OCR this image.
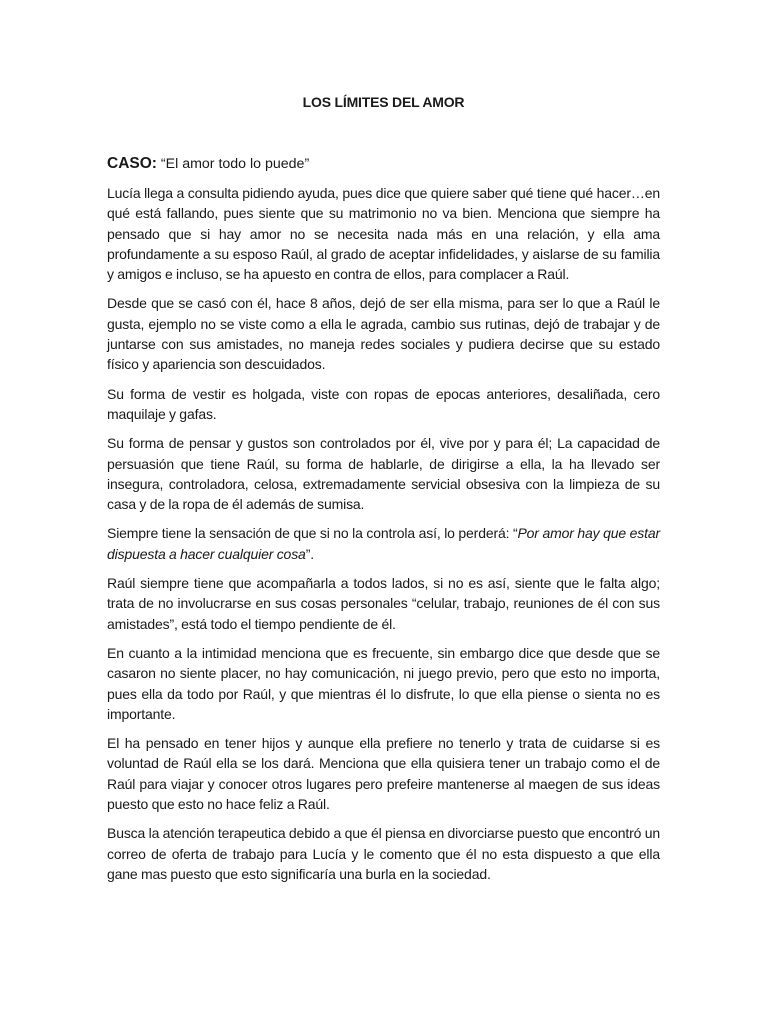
LOS LÍMITES DEL AMOR
CASO: “El amor todo lo puede”

Lucía llega a consulta pidiendo ayuda, pues dice que quiere saber qué tiene qué hacer…en qué está fallando, pues siente que su matrimonio no va bien. Menciona que siempre ha pensado que si hay amor no se necesita nada más en una relación, y ella ama profundamente a su esposo Raúl, al grado de aceptar infidelidades, y aislarse de su familia y amigos e incluso, se ha apuesto en contra de ellos, para complacer a Raúl.

Desde que se casó con él, hace 8 años, dejó de ser ella misma, para ser lo que a Raúl le gusta, ejemplo no se viste como a ella le agrada, cambio sus rutinas, dejó de trabajar y de juntarse con sus amistades, no maneja redes sociales y pudiera decirse que su estado físico y apariencia son descuidados.

Su forma de vestir es holgada, viste con ropas de epocas anteriores, desaliñada, cero maquilaje y gafas.

Su forma de pensar y gustos son controlados por él, vive por y para él; La capacidad de persuasión que tiene Raúl, su forma de hablarle, de dirigirse a ella, la ha llevado ser insegura, controladora, celosa, extremadamente servicial obsesiva con la limpieza de su casa y de la ropa de él además de sumisa.

Siempre tiene la sensación de que si no la controla así, lo perderá: “Por amor hay que estar dispuesta a hacer cualquier cosa”.

Raúl siempre tiene que acompañarla a todos lados, si no es así, siente que le falta algo; trata de no involucrarse en sus cosas personales “celular, trabajo, reuniones de él con sus amistades”, está todo el tiempo pendiente de él.

En cuanto a la intimidad menciona que es frecuente, sin embargo dice que desde que se casaron no siente placer, no hay comunicación, ni juego previo, pero que esto no importa, pues ella da todo por Raúl, y que mientras él lo disfrute, lo que ella piense o sienta no es importante.

El ha pensado en tener hijos y aunque ella prefiere no tenerlo y trata de cuidarse si es voluntad de Raúl ella se los dará. Menciona que ella quisiera tener un trabajo como el de Raúl para viajar y conocer otros lugares pero prefeire mantenerse al maegen de sus ideas puesto que esto no hace feliz a Raúl.

Busca la atención terapeutica debido a que él piensa en divorciarse puesto que encontró un correo de oferta de trabajo para Lucía y le comento que él no esta dispuesto a que ella gane mas puesto que esto significaría una burla en la sociedad.
